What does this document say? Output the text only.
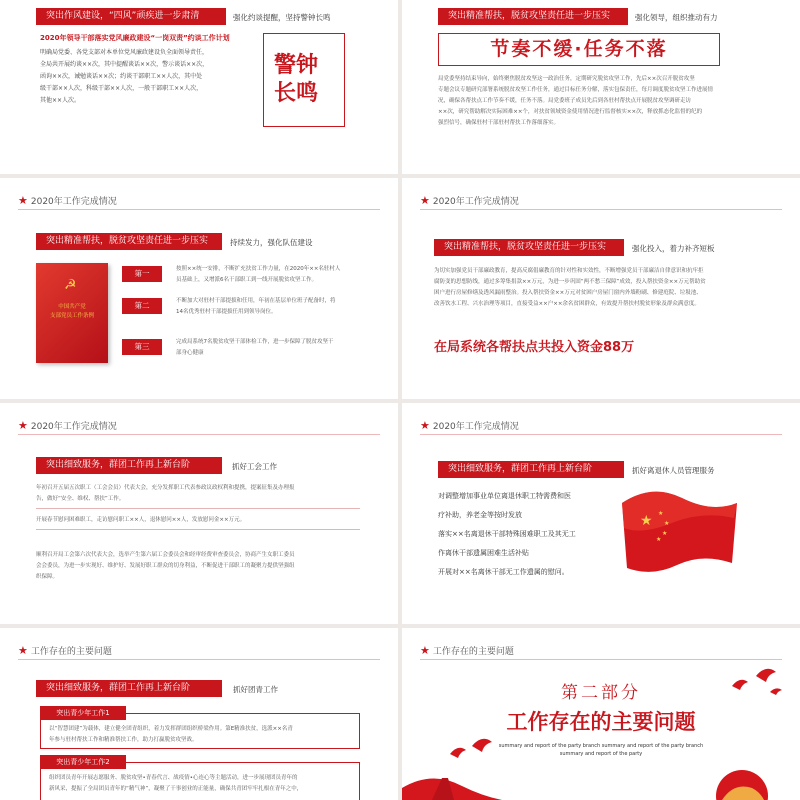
突出作风建设，“四风”顽疾进一步肃清	强化约谈提醒，坚持警钟长鸣
2020年领导干部落实党风廉政建设“一岗双责”约谈工作计划
明确局党委、各党支部对本单位党风廉政建设负全面领导责任，
全局共开展约谈××次，其中提醒谈话××次，警示谈话××次，
函询××次，诫勉谈话××次；约谈干部职工××人次，其中处
级干部××人次，科级干部××人次，一般干部职工××人次，
其他××人次。
警钟
长鸣
突出精准帮扶，脱贫攻坚责任进一步压实	强化领导，组织推动有力
节奏不缓·任务不落
局党委坚持结束导向，始终聚焦脱贫攻坚这一政治任务，定期研究脱贫攻坚工作，先后××次召开脱贫攻坚
专题会议专题研究部署系统脱贫攻坚工作任务，通过目标任务分解，落实包保责任，每月调度脱贫攻坚工作进展情
况，确保各帮扶点工作节奏不缓，任务不落。局党委班子成员先后到各驻村帮扶点开展脱贫攻坚调研走访
××次，研究帮助解决实际困难××个，对扶贫领域资金使用情况进行监督核实××次，释放抓态化监督的纪的
强烈信号，确保驻村干部驻村帮扶工作落细落实。
★ 2020年工作完成情况
突出精准帮扶，脱贫攻坚责任进一步压实	持续发力，强化队伍建设
☭
中国共产党
支部党员工作条例
第一	按照××统一安排，不断扩充扶贫工作力量，在2020年××名驻村人
员基础上，又增派6名干部职工到一线开展脱贫攻坚工作。
第二	不断加大对驻村干部提拔和任用，年初在基层单位班子配备时，将
14名优秀驻村干部提拔任用到领导岗位。
第三	完成局系统7名脱贫攻坚干部体检工作，进一步保障了脱贫攻坚干
部身心健康
★ 2020年工作完成情况
突出精准帮扶，脱贫攻坚责任进一步压实	强化投入，着力补齐短板
为切实加强党员干部廉政教育，提高反腐倡廉教育的针对性和实效性，不断增强党员干部廉洁自律意识和抗牢拒
腐防变的思想防线，通过多筹集捐款××万元，为进一步巩固“两不愁三保障”成效，投入帮扶资金××万元帮助贫
困户进行房屋修缮及透风漏雨整治。投入帮扶资金××万元对贫困户房屋门窗内外墙粉刷、修建庭院、垃圾池、
改善饮水工程、兴水治理等项目，直接受益××户××余名贫困群众，有效提升帮扶村脱贫形象及群众满意度。
在局系统各帮扶点共投入资金88万
★ 2020年工作完成情况
突出细致服务，群团工作再上新台阶	抓好工会工作
年初召开五届五次职工（工会会员）代表大会，充分发挥职工代表参政议政权利和提携，提案征集及办理报
告，做好“安全、维权、帮扶”工作。
开展春节慰问困难职工，走访慰问职工××人，退休慰问××人，发放慰问金××万元。
顺利召开局工会第六次代表大会，选举产生第六届工会委员会和经审经费审查委员会，协商产生女职工委员
会会委员，为进一步实现好、维护好、发展好职工群众的切身利益，不断促进干部职工的凝聚力提供坚强组
织保障。
★ 2020年工作完成情况
突出细致服务，群团工作再上新台阶	抓好离退休人员管理服务
对调整增加事业单位离退休职工特需费和医
疗补助，养老金等按时发放
落实××名离退休干部特殊困难职工及其无工
作离休干部遗属困难生活补贴
开展对××名离休干部无工作遗属的慰问。
★ ★
★
★
★
★ 工作存在的主要问题
突出细致服务，群团工作再上新台阶	抓好团青工作
突出青少年工作1
以“智慧团建”为载体，建立健全团青组织，着力发挥群团组织桥梁作用。第E精准扶贫，选派××名青
年参与驻村帮扶工作和精准帮扶工作，助力打赢脱贫攻坚战。
突出青少年工作2
组织团员青年开展志愿服务、脱贫攻坚•青春代言、战疫情•心连心等主题活动，进一步展现团员青年的
新风采，提振了全局团员青年的“精气神”，凝聚了干事创业的正能量，确保共青团牢牢扎根在青年之中，
★ 工作存在的主要问题
第二部分
工作存在的主要问题
summary and report of the party branch summary and report of the party branch
summary and report of the party
